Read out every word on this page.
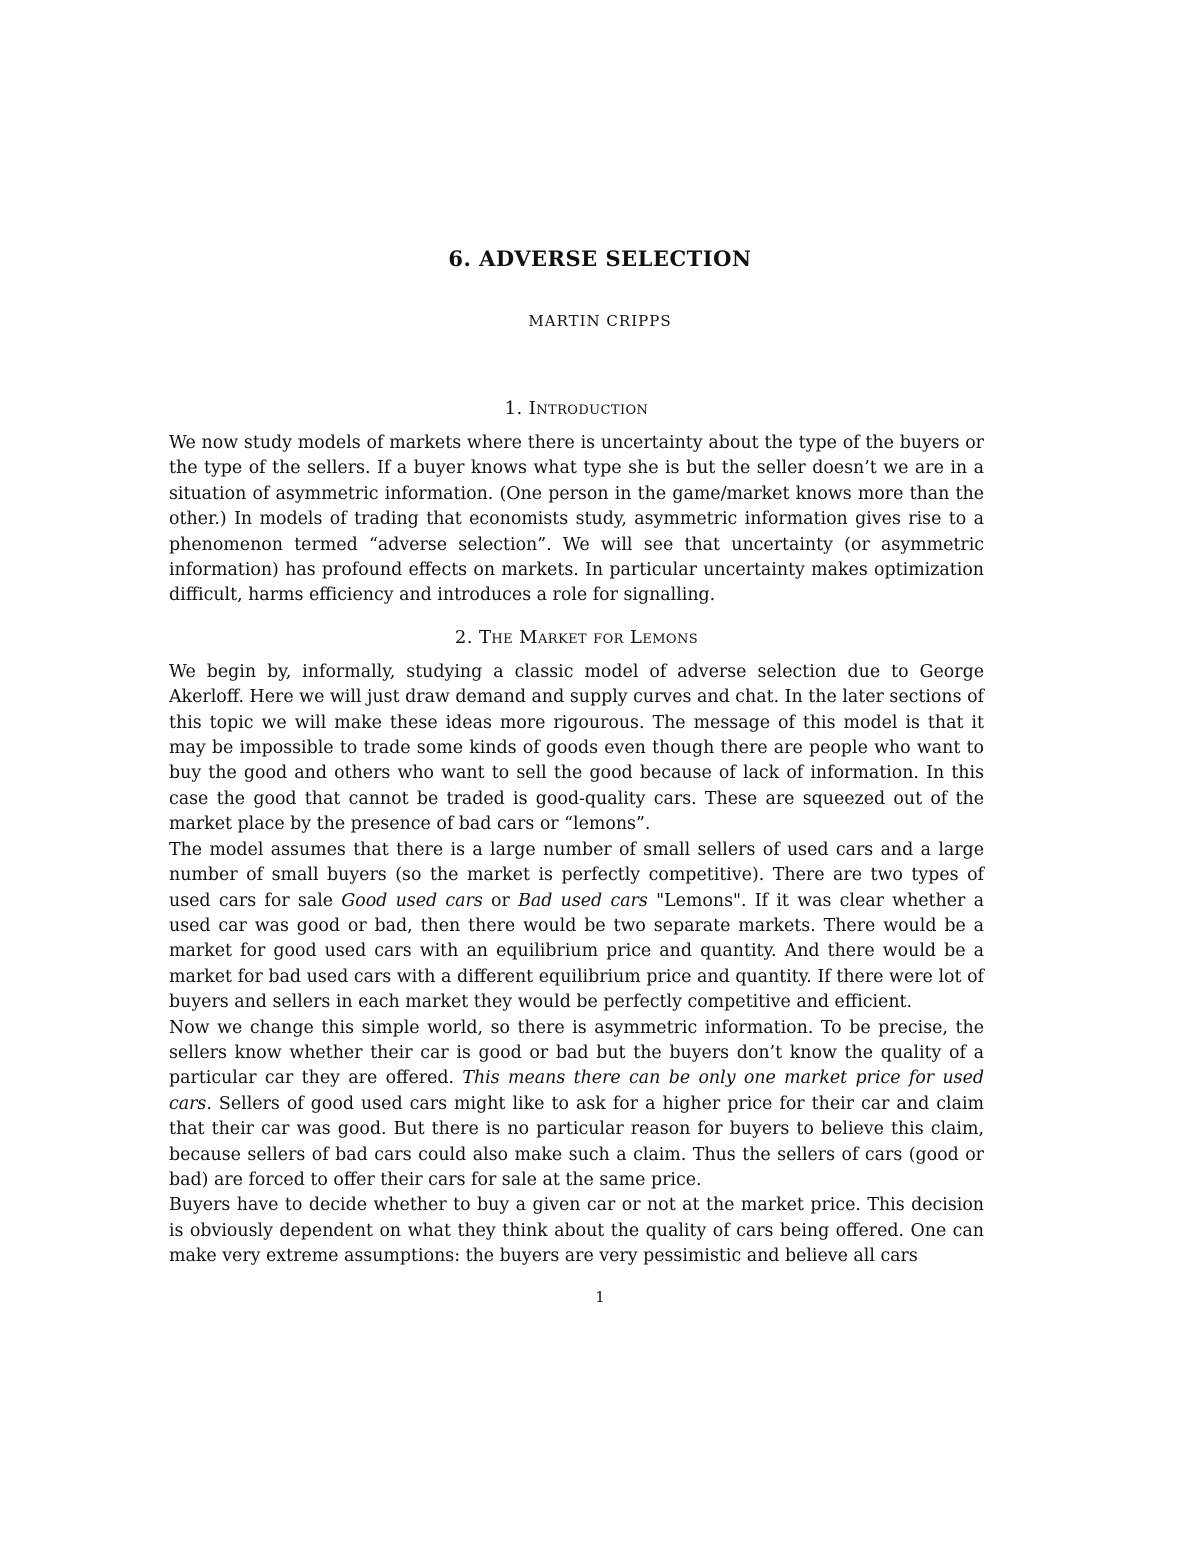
6. ADVERSE SELECTION
MARTIN CRIPPS
1. Introduction

We now study models of markets where there is uncertainty about the type of the buyers or the type of the sellers. If a buyer knows what type she is but the seller doesn’t we are in a situation of asymmetric information. (One person in the game/market knows more than the other.) In models of trading that economists study, asymmetric information gives rise to a phenomenon termed “adverse selection”. We will see that uncertainty (or asymmetric information) has profound effects on markets. In particular uncertainty makes optimization difficult, harms efficiency and introduces a role for signalling.

2. The Market for Lemons

We begin by, informally, studying a classic model of adverse selection due to George Akerloff. Here we will just draw demand and supply curves and chat. In the later sections of this topic we will make these ideas more rigourous. The message of this model is that it may be impossible to trade some kinds of goods even though there are people who want to buy the good and others who want to sell the good because of lack of information. In this case the good that cannot be traded is good-quality cars. These are squeezed out of the market place by the presence of bad cars or “lemons”.

The model assumes that there is a large number of small sellers of used cars and a large number of small buyers (so the market is perfectly competitive). There are two types of used cars for sale Good used cars or Bad used cars "Lemons". If it was clear whether a used car was good or bad, then there would be two separate markets. There would be a market for good used cars with an equilibrium price and quantity. And there would be a market for bad used cars with a different equilibrium price and quantity. If there were lot of buyers and sellers in each market they would be perfectly competitive and efficient.

Now we change this simple world, so there is asymmetric information. To be precise, the sellers know whether their car is good or bad but the buyers don’t know the quality of a particular car they are offered. This means there can be only one market price for used cars. Sellers of good used cars might like to ask for a higher price for their car and claim that their car was good. But there is no particular reason for buyers to believe this claim, because sellers of bad cars could also make such a claim. Thus the sellers of cars (good or bad) are forced to offer their cars for sale at the same price.

Buyers have to decide whether to buy a given car or not at the market price. This decision is obviously dependent on what they think about the quality of cars being offered. One can make very extreme assumptions: the buyers are very pessimistic and believe all cars

1
